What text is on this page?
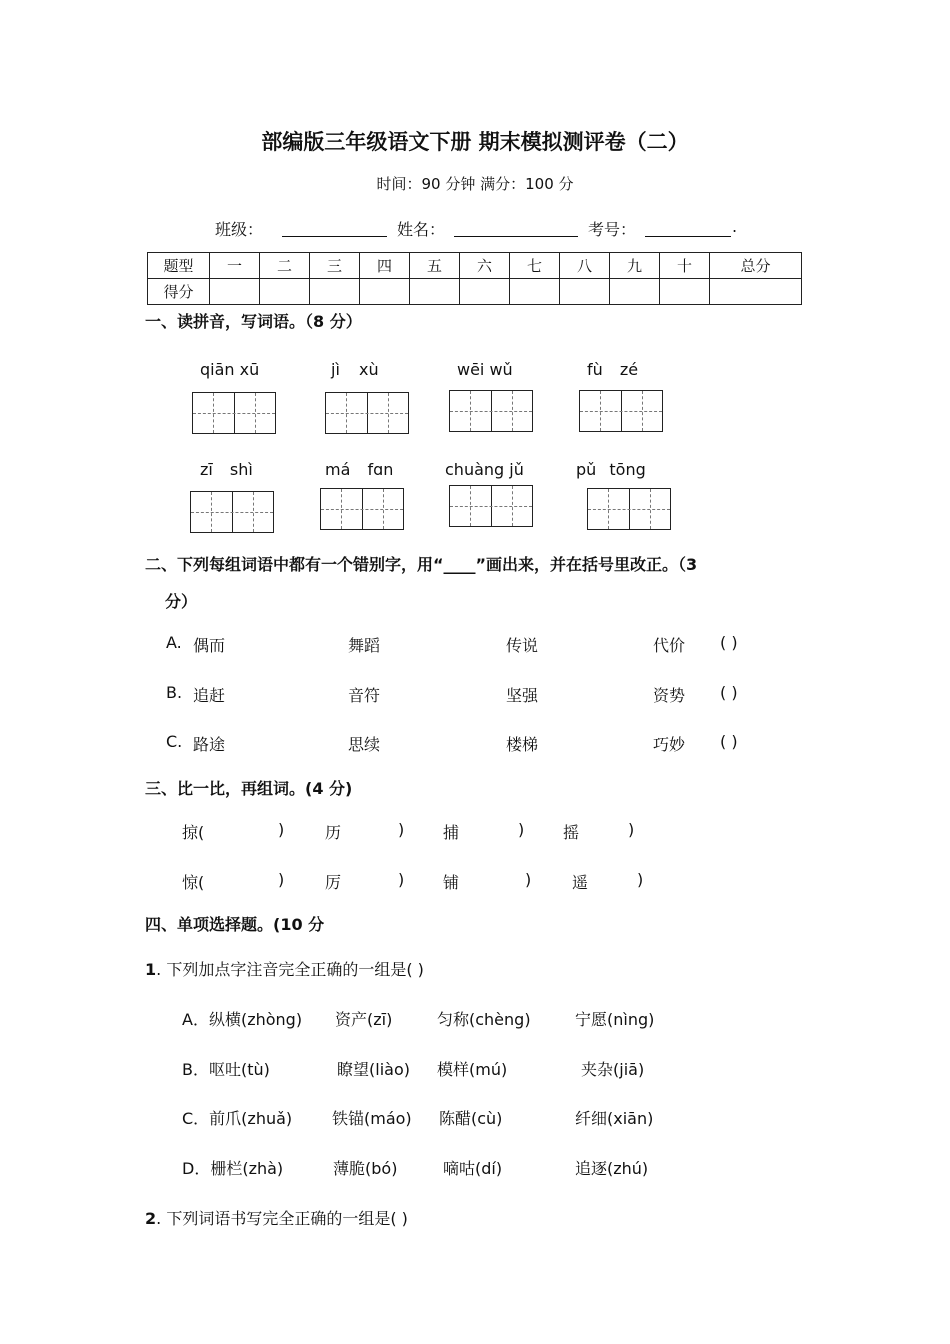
部编版三年级语文下册 期末模拟测评卷（二）
时间：90 分钟 满分：100 分
班级：	姓名：	考号：	.
题型	一	二	三	四	五	六	七	八	九	十	总分
得分											
一、读拼音，写词语。（8 分）
qiān xū	jì xù	wēi wǔ	fù zé
zī shì	má fɑn	chuàng jǔ	pǔ tōng
二、下列每组词语中都有一个错别字，用“____”画出来，并在括号里改正。（3
分）
A. 偶而	舞蹈	传说	代价 ( )
B. 追赶	音符	坚强	资势 ( )
C. 路途	思续	楼梯	巧妙 ( )
三、比一比，再组词。(4 分)
掠(	)	历	) 捕	) 摇	)
惊(	)	厉	) 铺	)	遥	)
四、单项选择题。(10 分
1. 下列加点字注音完全正确的一组是( )
A．纵横(zhòng) 资产(zī)	匀称(chèng)	宁愿(nìng)
B．呕吐(tù)	瞭望(liào) 模样(mú)	夹杂(jiā)
C．前爪(zhuǎ) 铁锚(máo) 陈醋(cù)	纤细(xiān)
D．栅栏(zhà)	薄脆(bó)	嘀咕(dí)	追逐(zhú)
2. 下列词语书写完全正确的一组是( )
